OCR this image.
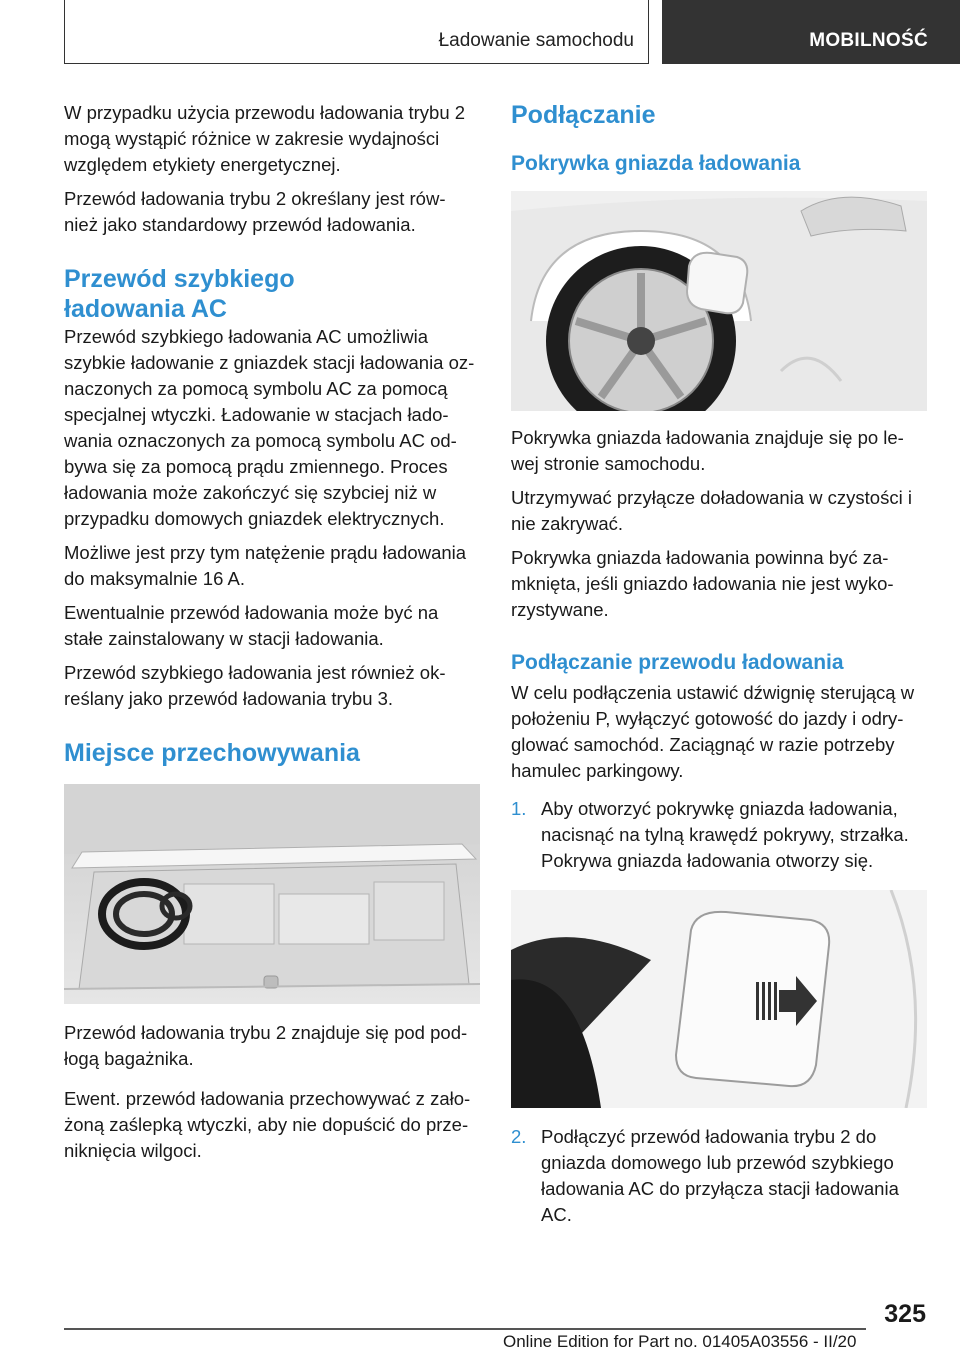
Ładowanie samochodu	MOBILNOŚĆ

W przypadku użycia przewodu ładowania trybu 2 mogą wystąpić różnice w zakresie wydajności względem etykiety energetycznej.

Przewód ładowania trybu 2 określany jest rów- nież jako standardowy przewód ładowania.

Przewód szybkiego
ładowania AC

Przewód szybkiego ładowania AC umożliwia szybkie ładowanie z gniazdek stacji ładowania oz- naczonych za pomocą symbolu AC za pomocą specjalnej wtyczki. Ładowanie w stacjach łado- wania oznaczonych za pomocą symbolu AC od- bywa się za pomocą prądu zmiennego. Proces ładowania może zakończyć się szybciej niż w przypadku domowych gniazdek elektrycznych.

Możliwe jest przy tym natężenie prądu ładowania do maksymalnie 16 A.

Ewentualnie przewód ładowania może być na stałe zainstalowany w stacji ładowania.

Przewód szybkiego ładowania jest również ok- reślany jako przewód ładowania trybu 3.

Miejsce przechowywania

Przewód ładowania trybu 2 znajduje się pod pod- łogą bagażnika.

Ewent. przewód ładowania przechowywać z zało- żoną zaślepką wtyczki, aby nie dopuścić do prze- niknięcia wilgoci.

Podłączanie
Pokrywka gniazda ładowania

Pokrywka gniazda ładowania znajduje się po le- wej stronie samochodu.

Utrzymywać przyłącze doładowania w czystości i nie zakrywać.

Pokrywka gniazda ładowania powinna być za- mknięta, jeśli gniazdo ładowania nie jest wyko- rzystywane.

Podłączanie przewodu ładowania

W celu podłączenia ustawić dźwignię sterującą w położeniu P, wyłączyć gotowość do jazdy i odry- glować samochód. Zaciągnąć w razie potrzeby hamulec parkingowy.

1. Aby otworzyć pokrywkę gniazda ładowania, nacisnąć na tylną krawędź pokrywy, strzałka. Pokrywa gniazda ładowania otworzy się.
2. Podłączyć przewód ładowania trybu 2 do gniazda domowego lub przewód szybkiego ładowania AC do przyłącza stacji ładowania AC.
325
Online Edition for Part no. 01405A03556 - II/20
